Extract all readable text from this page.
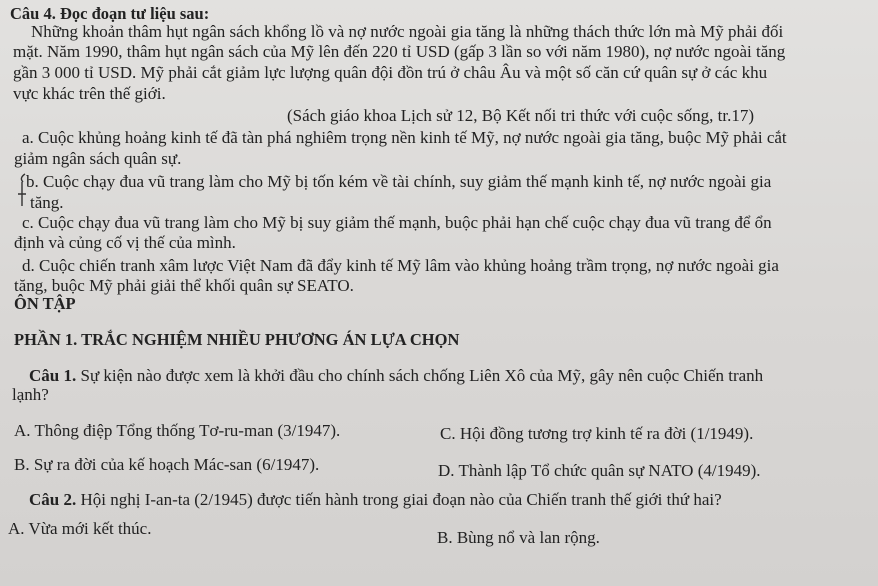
Câu 4. Đọc đoạn tư liệu sau:
Những khoản thâm hụt ngân sách khổng lồ và nợ nước ngoài gia tăng là những thách thức lớn mà Mỹ phải đối
mặt. Năm 1990, thâm hụt ngân sách của Mỹ lên đến 220 tỉ USD (gấp 3 lần so với năm 1980), nợ nước ngoài tăng
gần 3 000 tỉ USD. Mỹ phải cắt giảm lực lượng quân đội đồn trú ở châu Âu và một số căn cứ quân sự ở các khu
vực khác trên thế giới.
(Sách giáo khoa Lịch sử 12, Bộ Kết nối tri thức với cuộc sống, tr.17)
a. Cuộc khủng hoảng kinh tế đã tàn phá nghiêm trọng nền kinh tế Mỹ, nợ nước ngoài gia tăng, buộc Mỹ phải cắt
giảm ngân sách quân sự.
b. Cuộc chạy đua vũ trang làm cho Mỹ bị tốn kém về tài chính, suy giảm thế mạnh kinh tế, nợ nước ngoài gia
tăng.
c. Cuộc chạy đua vũ trang làm cho Mỹ bị suy giảm thế mạnh, buộc phải hạn chế cuộc chạy đua vũ trang để ổn
định và củng cố vị thế của mình.
d. Cuộc chiến tranh xâm lược Việt Nam đã đẩy kinh tế Mỹ lâm vào khủng hoảng trầm trọng, nợ nước ngoài gia
tăng, buộc Mỹ phải giải thể khối quân sự SEATO.
ÔN TẬP
PHẦN 1. TRẮC NGHIỆM NHIỀU PHƯƠNG ÁN LỰA CHỌN
Câu 1. Sự kiện nào được xem là khởi đầu cho chính sách chống Liên Xô của Mỹ, gây nên cuộc Chiến tranh
lạnh?
A. Thông điệp Tổng thống Tơ-ru-man (3/1947).	C. Hội đồng tương trợ kinh tế ra đời (1/1949).
B. Sự ra đời của kế hoạch Mác-san (6/1947).	D. Thành lập Tổ chức quân sự NATO (4/1949).
Câu 2. Hội nghị I-an-ta (2/1945) được tiến hành trong giai đoạn nào của Chiến tranh thế giới thứ hai?
A. Vừa mới kết thúc.	B. Bùng nổ và lan rộng.
